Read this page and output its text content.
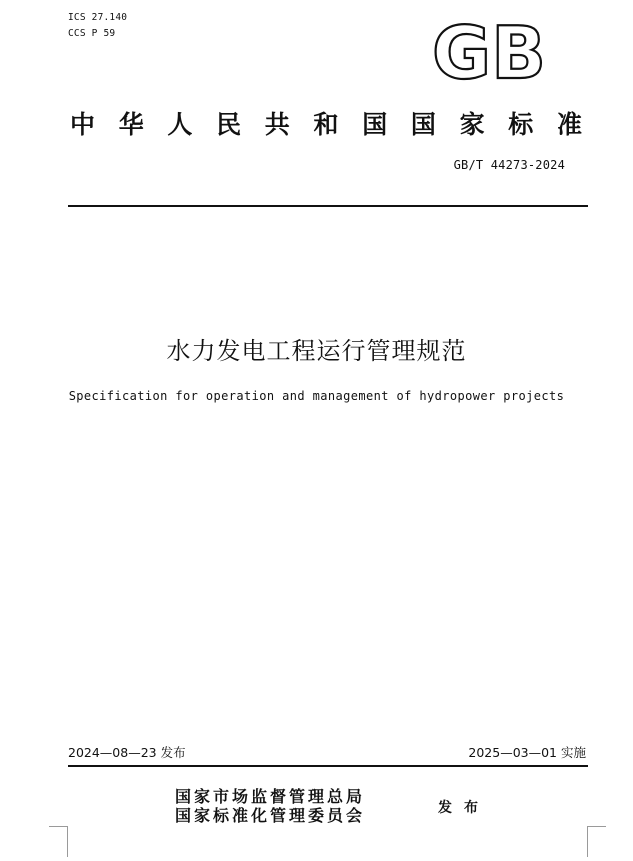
ICS 27.140
CCS P 59	GB
中华人民共和国国家标准
GB/T 44273-2024
水力发电工程运行管理规范
Specification for operation and management of hydropower projects
2024—08—23 发布	2025—03—01 实施
国家市场监督管理总局
国家标准化管理委员会	发布
